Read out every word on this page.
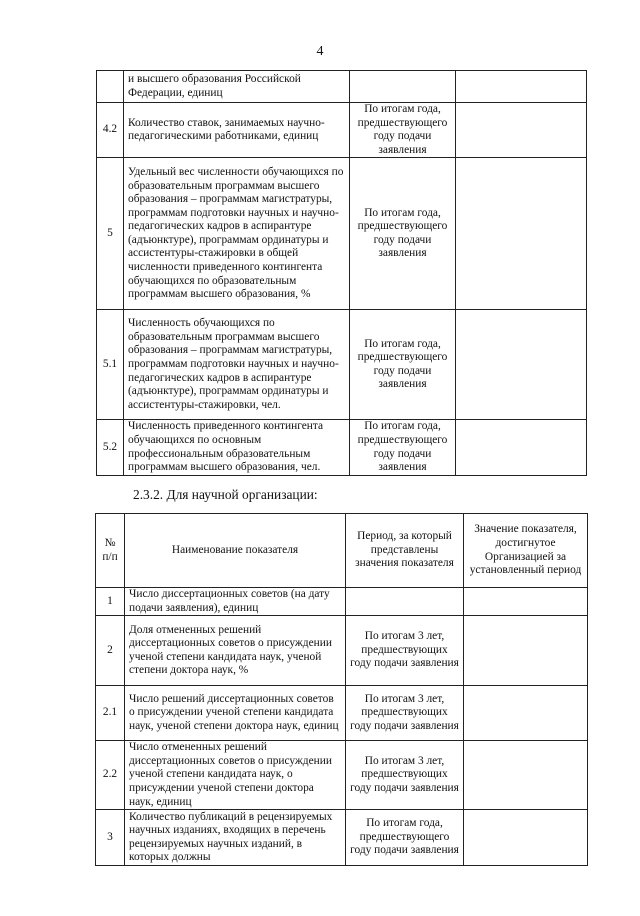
4
	и высшего образования Российской Федерации, единиц		
4.2	Количество ставок, занимаемых научно-педагогическими работниками, единиц	По итогам года, предшествующего году подачи заявления	
5	Удельный вес численности обучающихся по образовательным программам высшего образования – программам магистратуры, программам подготовки научных и научно-педагогических кадров в аспирантуре (адъюнктуре), программам ординатуры и ассистентуры-стажировки в общей численности приведенного контингента обучающихся по образовательным программам высшего образования, %	По итогам года, предшествующего году подачи заявления	
5.1	Численность обучающихся по образовательным программам высшего образования – программам магистратуры, программам подготовки научных и научно-педагогических кадров в аспирантуре (адъюнктуре), программам ординатуры и ассистентуры-стажировки, чел.	По итогам года, предшествующего году подачи заявления	
5.2	Численность приведенного контингента обучающихся по основным профессиональным образовательным программам высшего образования, чел.	По итогам года, предшествующего году подачи заявления	
2.3.2. Для научной организации:
№ п/п	Наименование показателя	Период, за который представлены значения показателя	Значение показателя, достигнутое Организацией за установленный период
1	Число диссертационных советов (на дату подачи заявления), единиц		
2	Доля отмененных решений диссертационных советов о присуждении ученой степени кандидата наук, ученой степени доктора наук, %	По итогам 3 лет, предшествующих году подачи заявления	
2.1	Число решений диссертационных советов о присуждении ученой степени кандидата наук, ученой степени доктора наук, единиц	По итогам 3 лет, предшествующих году подачи заявления	
2.2	Число отмененных решений диссертационных советов о присуждении ученой степени кандидата наук, о присуждении ученой степени доктора наук, единиц	По итогам 3 лет, предшествующих году подачи заявления	
3	Количество публикаций в рецензируемых научных изданиях, входящих в перечень рецензируемых научных изданий, в которых должны	По итогам года, предшествующего году подачи заявления	
